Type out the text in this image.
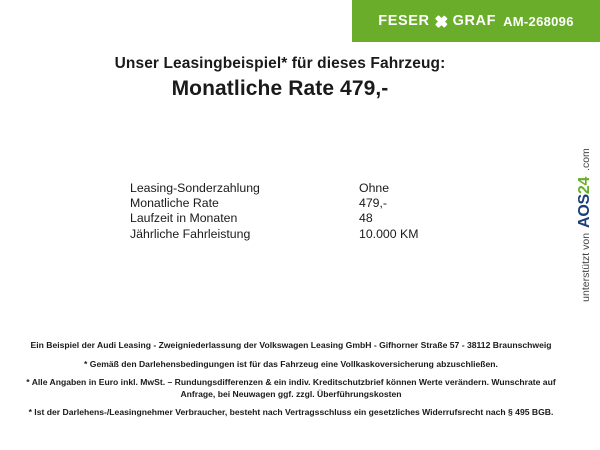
FESER GRAF AM-268096

Unser Leasingbeispiel* für dieses Fahrzeug:

Monatliche Rate 479,-

Leasing-Sonderzahlung	Ohne
Monatliche Rate	479,-
Laufzeit in Monaten	48
Jährliche Fahrleistung	10.000 KM	unterstützt von
AOS24
.com

Ein Beispiel der Audi Leasing - Zweigniederlassung der Volkswagen Leasing GmbH - Gifhorner Straße 57 - 38112 Braunschweig

* Gemäß den Darlehensbedingungen ist für das Fahrzeug eine Vollkaskoversicherung abzuschließen.

* Alle Angaben in Euro inkl. MwSt. – Rundungsdifferenzen & ein indiv. Kreditschutzbrief können Werte verändern. Wunschrate auf Anfrage, bei Neuwagen ggf. zzgl. Überführungskosten

* Ist der Darlehens-/Leasingnehmer Verbraucher, besteht nach Vertragsschluss ein gesetzliches Widerrufsrecht nach § 495 BGB.
